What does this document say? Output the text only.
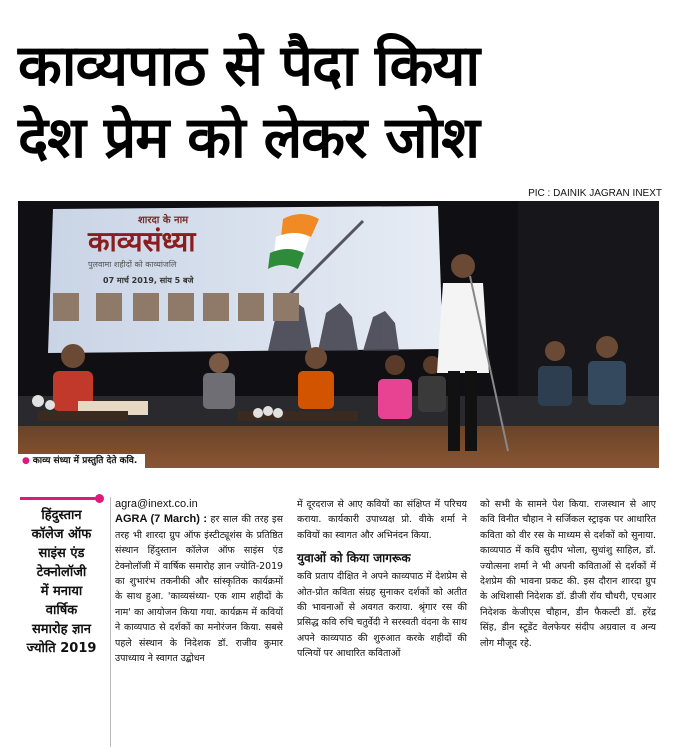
काव्यपाठ से पैदा किया
देश प्रेम को लेकर जोश
PIC : DAINIK JAGRAN INEXT
शारदा के नाम
काव्यसंध्या
पुलवामा शहीदों को काव्यांजलि
07 मार्च 2019, सांय 5 बजे
● काव्य संध्या में प्रस्तुति देते कवि.
हिंदुस्तान
कॉलेज ऑफ
साइंस एंड
टेक्नोलॉजी
में मनाया
वार्षिक
समारोह ज्ञान
ज्योति 2019

agra@inext.co.in

AGRA (7 March) : हर साल की तरह इस तरह भी शारदा ग्रुप ऑफ इंस्टीट्यूशंस के प्रतिष्ठित संस्थान हिंदुस्तान कॉलेज ऑफ साइंस एंड टेक्नोलॉजी में वार्षिक समारोह ज्ञान ज्योति-2019 का शुभारंभ तकनीकी और सांस्कृतिक कार्यक्रमों के साथ हुआ. 'काव्यसंध्या- एक शाम शहीदों के नाम' का आयोजन किया गया. कार्यक्रम में कवियों ने काव्यपाठ से दर्शकों का मनोरंजन किया. सबसे पहले संस्थान के निदेशक डॉ. राजीव कुमार उपाध्याय ने स्वागत उद्बोधन

में दूरदराज से आए कवियों का संक्षिप्त में परिचय कराया. कार्यकारी उपाध्यक्ष प्रो. वीके शर्मा ने कवियों का स्वागत और अभिनंदन किया.

युवाओं को किया जागरूक

कवि प्रताप दीक्षित ने अपने काव्यपाठ में देशप्रेम से ओत-प्रोत कविता संग्रह सुनाकर दर्शकों को अतीत की भावनाओं से अवगत कराया. श्रृंगार रस की प्रसिद्ध कवि रुचि चतुर्वेदी ने सरस्वती वंदना के साथ अपने काव्यपाठ की शुरुआत करके शहीदों की पत्नियों पर आधारित कविताओं

को सभी के सामने पेश किया. राजस्थान से आए कवि विनीत चौहान ने सर्जिकल स्ट्राइक पर आधारित कविता को वीर रस के माध्यम से दर्शकों को सुनाया. काव्यपाठ में कवि सुदीप भोला, सुधांशु साहिल, डॉ. ज्योत्सना शर्मा ने भी अपनी कविताओं से दर्शकों में देशप्रेम की भावना प्रकट की. इस दौरान शारदा ग्रुप के अधिशासी निदेशक डॉ. डीजी रॉय चौधरी, एचआर निदेशक केजीएस चौहान, डीन फैकल्टी डॉ. हरेंद्र सिंह, डीन स्टूडेंट वेलफेयर संदीप अग्रवाल व अन्य लोग मौजूद रहे.
